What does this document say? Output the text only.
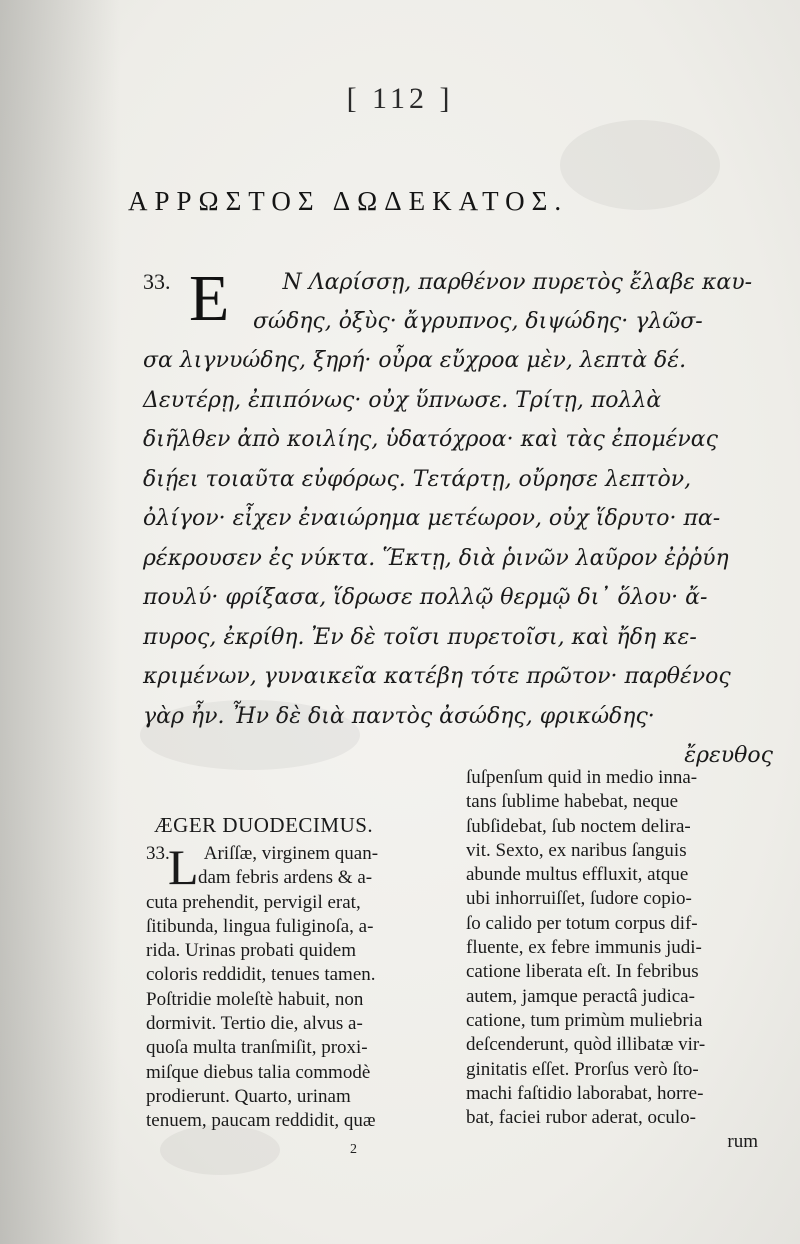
[ 112 ]
ΑΡΡΩΣΤΟΣ ΔΩΔΕΚΑΤΟΣ.
Ε
33.	Ν Λαρίσσῃ, παρθένον πυρετὸς ἔλαβε καυ-
σώδης, ὀξὺς· ἄγρυπνος, διψώδης· γλῶσ-
σα λιγνυώδης, ξηρή· οὖρα εὔχροα μὲν, λεπτὰ δέ.
Δευτέρῃ, ἐπιπόνως· οὐχ ὕπνωσε. Τρίτῃ, πολλὰ
διῆλθεν ἀπὸ κοιλίης, ὑδατόχροα· καὶ τὰς ἐπομένας
διῄει τοιαῦτα εὐφόρως. Τετάρτῃ, οὔρησε λεπτὸν,
ὀλίγον· εἶχεν ἐναιώρημα μετέωρον, οὐχ ἵδρυτο· πα-
ρέκρουσεν ἐς νύκτα. Ἕκτῃ, διὰ ῥινῶν λαῦρον ἐῤῥύη
πουλύ· φρίξασα, ἵδρωσε πολλῷ θερμῷ δι᾽ ὅλου· ἄ-
πυρος, ἐκρίθη. Ἐν δὲ τοῖσι πυρετοῖσι, καὶ ἤδη κε-
κριμένων, γυναικεῖα κατέβη τότε πρῶτον· παρθένος
γὰρ ἦν. Ἦν δὲ διὰ παντὸς ἀσώδης, φρικώδης·
ἔρευθος
ſuſpenſum quid in medio inna-
tans ſublime habebat, neque
ſubſidebat, ſub noctem delira-
vit. Sexto, ex naribus ſanguis
abunde multus effluxit, atque
ubi inhorruiſſet, ſudore copio-
ſo calido per totum corpus dif-
fluente, ex febre immunis judi-
catione liberata eſt. In febribus
autem, jamque peractâ judica-
catione, tum primùm muliebria
deſcenderunt, quòd illibatæ vir-
ginitatis eſſet. Prorſus verò ſto-
machi faſtidio laborabat, horre-
bat, faciei rubor aderat, oculo-
rum
ÆGER DUODECIMUS.
L
33. Ariſſæ, virginem quan-
dam febris ardens & a-
cuta prehendit, pervigil erat,
ſitibunda, lingua fuliginoſa, a-
rida. Urinas probati quidem
coloris reddidit, tenues tamen.
Poſtridie moleſtè habuit, non
dormivit. Tertio die, alvus a-
quoſa multa tranſmiſit, proxi-
miſque diebus talia commodè
prodierunt. Quarto, urinam
tenuem, paucam reddidit, quæ
2
